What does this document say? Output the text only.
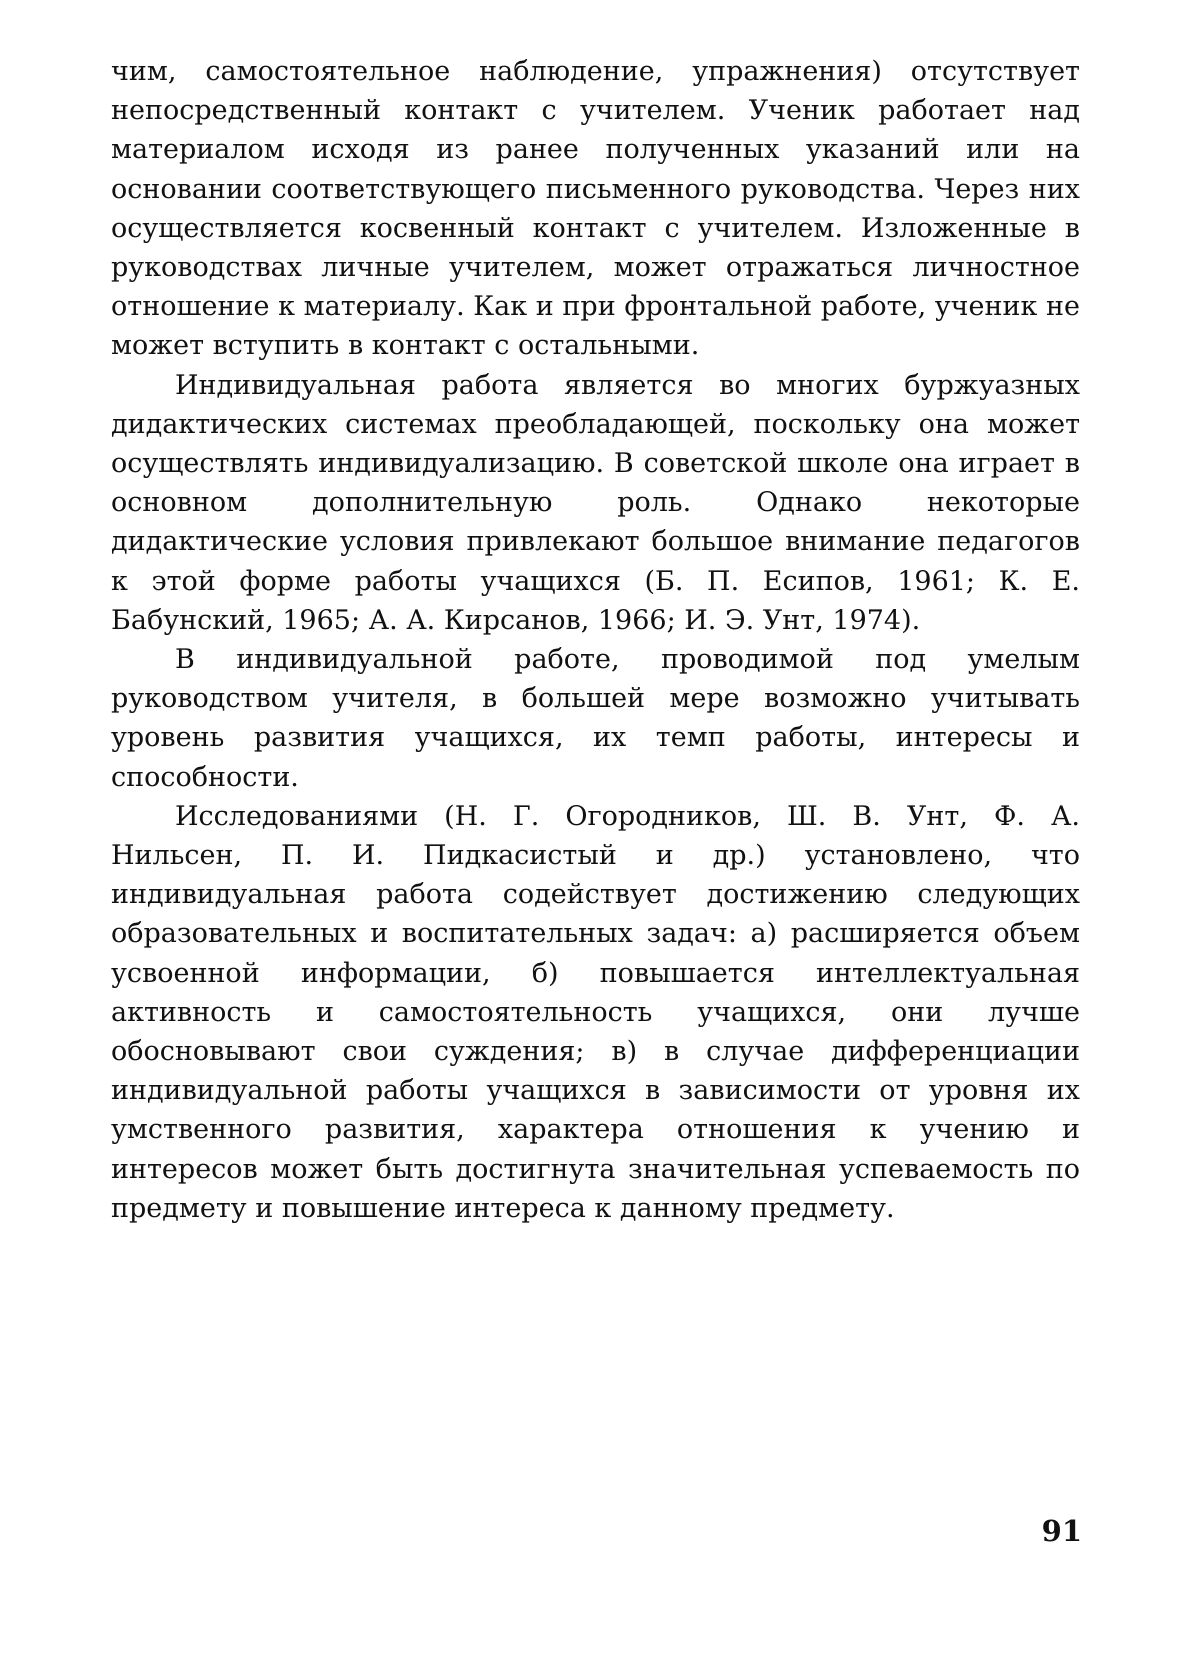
чим, самостоятельное наблюдение, упражнения) отсутствует непосредственный контакт с учителем. Ученик работает над материалом исходя из ранее полученных указаний или на основании соответствующего письменного руководства. Через них осуществляется косвенный контакт с учителем. Изложенные в руководствах личные учителем, может отражаться личностное отношение к материалу. Как и при фронтальной работе, ученик не может вступить в контакт с остальными.

Индивидуальная работа является во многих буржуазных дидактических системах преобладающей, поскольку она может осуществлять индивидуализацию. В советской школе она играет в основном дополнительную роль. Однако некоторые дидактические условия привлекают большое внимание педагогов к этой форме работы учащихся (Б. П. Есипов, 1961; К. Е. Бабунский, 1965; А. А. Кирсанов, 1966; И. Э. Унт, 1974).

В индивидуальной работе, проводимой под умелым руководством учителя, в большей мере возможно учитывать уровень развития учащихся, их темп работы, интересы и способности.

Исследованиями (Н. Г. Огородников, Ш. В. Унт, Ф. А. Нильсен, П. И. Пидкасистый и др.) установлено, что индивидуальная работа содействует достижению следующих образовательных и воспитательных задач: а) расширяется объем усвоенной информации, б) повышается интеллектуальная активность и самостоятельность учащихся, они лучше обосновывают свои суждения; в) в случае дифференциации индивидуальной работы учащихся в зависимости от уровня их умственного развития, характера отношения к учению и интересов может быть достигнута значительная успеваемость по предмету и повышение интереса к данному предмету.

91
